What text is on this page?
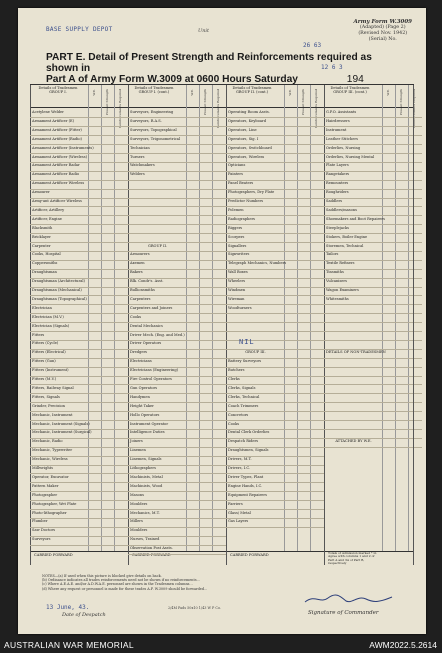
BASE SUPPLY DEPOT	Unit
Army Form W.3009
(Adapted) (Page 2)
(Revised Nov. 1942)
(Serial) No.
26 63
PART E. Detail of Present Strength and Reinforcements required as shown in
Part A of Army Form W.3009 at 0600 Hours Saturday	194
12 6 3
Details of Tradesmen GROUP I.
Details of Tradesmen GROUP I. (cont.)
Details of Tradesmen GROUP II. (cont.)
Details of Tradesmen GROUP III. (cont.)
CARRIED FORWARD	CARRIED FORWARD	CARRIED FORWARD	Totals of Admission marked * in Agree with columns 1 and 2 of Part A and 3A of Part B, respectively
W.E.	Present Strength	Reinforcements Required
Acetylene Welder
Armament Artificer (E)
Armament Artificer (Fitter)
Armament Artificer (Radio)
Armament Artificer (Instruments)
Armament Artificer (Wireless)
Armament Artificer Radar
Armament Artificer Radio
Armament Artificer Wireless
Armourer
Army-ant Artificer Wireless
Artificer, Artillery
Artificer, Engine
Blacksmith
Bricklayer
Carpenter
Cooks, Hospital
Coppersmiths
Draughtsman
Draughtsman (Architectural)
Draughtsman (Mechanical)
Draughtsman (Topographical)
Electrician
Electrician (M.V.)
Electrician (Signals)
Fitters
Fitters (Cycle)
Fitters (Electrical)
Fitters (Gun)
Fitters (Instrument)
Fitters (M.V.)
Fitters, Railway Signal
Fitters, Signals
Grinder, Precision
Mechanic, Instrument
Mechanic, Instrument (Signals)
Mechanic, Instrument (Surgical)
Mechanic, Radio
Mechanic, Typewriter
Mechanic, Wireless
Millwrights
Operator, Excavator
Pattern Maker
Photographer
Photographer, Wet Plate
Photo-lithographer
Plumber
Saw Doctors
Surveyors
W.E.	Present Strength	Reinforcements Required
Surveyors, Engineering
Surveyors, R.A.S.
Surveyors, Topographical
Surveyors, Trigonometrical
Technician
Turners
Watchmakers
Welders
GROUP II.
Armourers
Axemen
Bakers
Blk. Condr's. Asst.
Bullionsmiths
Carpenters
Carpenters and Joiners
Cooks
Dental Mechanics
Driver Mech. (Eng. and Med.)
Driver Operators
Dredgers
Electricians
Electricians (Engineering)
Fire Control Operators
Gun Operators
Handymen
Height Taker
Hollo Operators
Instrument Operator
Intelligence Duties
Joiners
Linemen
Linemen, Signals
Lithographers
Machinists, Metal
Machinists, Wood
Masons
Moulders
Mechanics, M.T.
Millers
Moulders
Nurses, Trained
Observation Post Assts.
W.E.	Present Strength	Reinforcements Required
Operating Room Assts.
Operators, Keyboard
Operators, Line
Operators, Sig. I
Operators, Switchboard
Operators, Wireless
Opticians
Painters
Panel Beaters
Photographers, Dry Plate
Predictor Numbers
Polemen
Radiographers
Riggers
Scorpers
Signallers
Signwriters
Telegraph Mechanics, Numbers
Wall Boxes
Wheelers
Windmen
Wireman
Woodturners
GROUP III.
Battery Surveyors
Butchers
Clerks
Clerks, Signals
Clerks, Technical
Coach Trimmers
Concretors
Cooks
Dental Clerk Orderlies
Despatch Riders
Draughtsmen, Signals
Drivers, M.T.
Drivers, I.C.
Driver Types, Plant
Engine Hands, I.C.
Equipment Repairers
Farriers
Glass/ Metal
Gas Layers
W.E.	Present Strength	Reinforcements Required
G.P.O. Assistants
Hairdressers
Instrument
Leather Stitchers
Orderlies, Nursing
Orderlies, Nursing Mental
Plate Layers
Rangetakers
Remounters
Roughriders
Saddlers
Saddlers/masons
Shoemakers and Boot Repairers
Steeplejacks
Stokers, Boiler Engine
Storemen, Technical
Tailors
Textile Refiners
Tinsmiths
Vulcanisers
Wagon Examiners
Whitesmiths
DETAILS OF NON-TRADESMEN
ATTACHED BY W.E.
NIL
NOTES—(a) If used when this picture is blocked give details on back.
(b) Ordinance indicates all trades reinforcements need not be shown if no reinforcements...
(c) Where A.E.A.E. and/or A.D.W.A.E. personnel are shown in the Tradesmen columns...
(d) Where any request or personnel is made for these trades A.F. W.3009 should be forwarded...
13 June, 43.
Date of Despatch
2/4M Pads 50x10 1/43 W P Co.
Signature of Commander
AUSTRALIAN WAR MEMORIAL	AWM2022.5.2614
